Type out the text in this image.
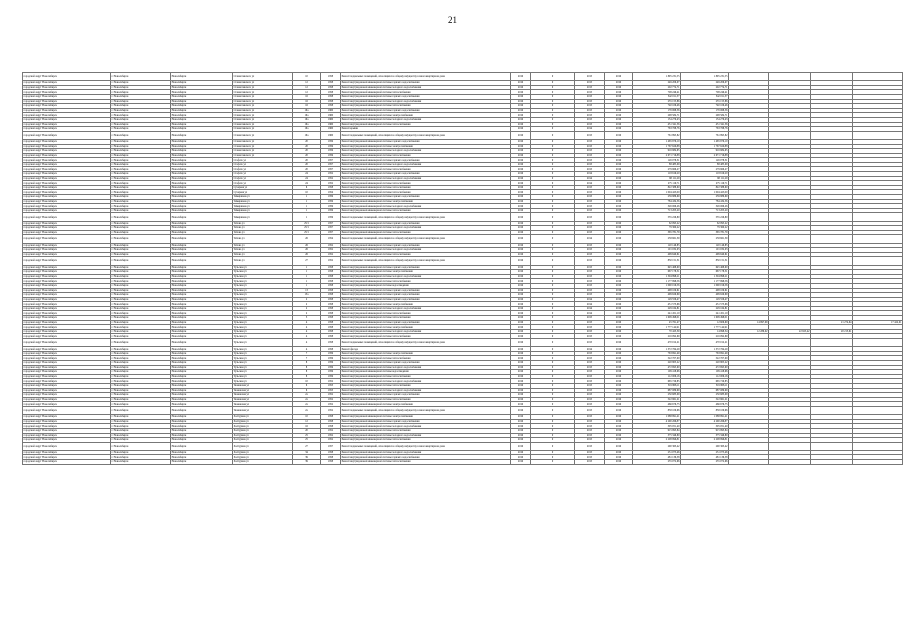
21
городской округ Новосибирск	г. Новосибирск	Новосибирск	Станиславского ул	10	1958	Ремонт подвальных помещений, относящихся к общему имуществу в многоквартирном доме	2016	0	2015	2016	1 895 231,55	1 895 231,55					
городской округ Новосибирск	г. Новосибирск	Новосибирск	Станиславского ул	12	1958	Ремонт внутридомовой инженерной системы горячего водоснабжения	2016	0	2015	2016	249 206,07	249 206,07					
городской округ Новосибирск	г. Новосибирск	Новосибирск	Станиславского ул	12	1958	Ремонт внутридомовой инженерной системы холодного водоснабжения	2016	0	2015	2016	202 774,71	202 774,71					
городской округ Новосибирск	г. Новосибирск	Новосибирск	Станиславского ул	12	1958	Ремонт внутридомовой инженерной системы теплоснабжения	2016	0	2015	2016	708 249,41	708 249,41					
городской округ Новосибирск	г. Новосибирск	Новосибирск	Станиславского ул	16	1958	Ремонт внутридомовой инженерной системы горячего водоснабжения	2016	0	2015	2016	342 011,37	342 011,37					
городской округ Новосибирск	г. Новосибирск	Новосибирск	Станиславского ул	16	1958	Ремонт внутридомовой инженерной системы холодного водоснабжения	2016	0	2015	2016	255 155,86	255 155,86					
городской округ Новосибирск	г. Новосибирск	Новосибирск	Станиславского ул	16	1958	Ремонт внутридомовой инженерной системы теплоснабжения	2016	0	2015	2016	740 106,46	740 106,46					
городской округ Новосибирск	г. Новосибирск	Новосибирск	Станиславского ул	16а	1960	Ремонт внутридомовой инженерной системы горячего водоснабжения	2016	0	2015	2016	176 068,56	176 068,56					
городской округ Новосибирск	г. Новосибирск	Новосибирск	Станиславского ул	16а	1960	Ремонт внутридомовой инженерной системы электроснабжения	2016	0	2015	2016	298 584,71	298 584,71					
городской округ Новосибирск	г. Новосибирск	Новосибирск	Станиславского ул	16а	1960	Ремонт внутридомовой инженерной системы холодного водоснабжения	2016	0	2015	2016	154 279,43	154 279,43					
городской округ Новосибирск	г. Новосибирск	Новосибирск	Станиславского ул	16а	1960	Ремонт внутридомовой инженерной системы теплоснабжения	2016	0	2015	2016	451 341,56	451 341,56					
городской округ Новосибирск	г. Новосибирск	Новосибирск	Станиславского ул	16а	1960	Ремонт крыши	2016	0	2014	2016	763 768,76	763 768,76					
городской округ Новосибирск	г. Новосибирск	Новосибирск	Станиславского ул	16а	1960	Ремонт подвальных помещений, относящихся к общему имуществу в многоквартирном доме	2016	0	2015	2016	761 895,82	761 895,82					
городской округ Новосибирск	г. Новосибирск	Новосибирск	Станиславского ул	20	1959	Ремонт внутридомовой инженерной системы горячего водоснабжения	2016	0	2015	2016	1 465 976,10	1 465 976,10					
городской округ Новосибирск	г. Новосибирск	Новосибирск	Станиславского ул	20	1959	Ремонт внутридомовой инженерной системы электроснабжения	2016	0	2015	2016	1 767 620,88	1 767 620,88					
городской округ Новосибирск	г. Новосибирск	Новосибирск	Станиславского ул	20	1959	Ремонт внутридомовой инженерной системы холодного водоснабжения	2016	0	2015	2016	916 984,65	916 984,65					
городской округ Новосибирск	г. Новосибирск	Новосибирск	Станиславского ул	20	1959	Ремонт внутридомовой инженерной системы теплоснабжения	2016	0	2015	2016	2 671 716,88	2 671 716,88					
городской округ Новосибирск	г. Новосибирск	Новосибирск	Стофато ул	20	1957	Ремонт внутридомовой инженерной системы горячего водоснабжения	2016	0	2015	2016	126 078,31	126 078,31					
городской округ Новосибирск	г. Новосибирск	Новосибирск	Стофато ул	20	1957	Ремонт внутридомовой инженерной системы холодного водоснабжения	2016	0	2015	2016	88 485,09	88 485,09					
городской округ Новосибирск	г. Новосибирск	Новосибирск	Стофато ул	20	1957	Ремонт внутридомовой инженерной системы теплоснабжения	2016	0	2015	2016	279 966,27	279 966,27					
городской округ Новосибирск	г. Новосибирск	Новосибирск	Стофато ул	24	1952	Ремонт внутридомовой инженерной системы горячего водоснабжения	2016	0	2014	2016	118 919,20	118 919,20					
городской округ Новосибирск	г. Новосибирск	Новосибирск	Стофато ул	24	1952	Ремонт внутридомовой инженерной системы холодного водоснабжения	2016	0	2014	2016	68 111,29	68 111,29					
городской округ Новосибирск	г. Новосибирск	Новосибирск	Стофато ул	24	1952	Ремонт внутридомовой инженерной системы теплоснабжения	2016	0	2014	2016	275 119,71	275 119,71					
городской округ Новосибирск	г. Новосибирск	Новосибирск	Сухарная ул	6	1958	Ремонт внутридомовой инженерной системы теплоснабжения	2016	0	2015	2016	822 388,60	822 388,60					
городской округ Новосибирск	г. Новосибирск	Новосибирск	Сухарная ул	10	1954	Ремонт внутридомовой инженерной системы теплоснабжения	2016	0	2015	2016	1 004 425,00	1 004 425,00					
городской округ Новосибирск	г. Новосибирск	Новосибирск	Тимирязева ул	1	1959	Ремонт внутридомовой инженерной системы горячего водоснабжения	2016	0	2015	2016	259 886,69	259 886,69					
городской округ Новосибирск	г. Новосибирск	Новосибирск	Тимирязева ул	1	1959	Ремонт внутридомовой инженерной системы электроснабжения	2016	0	2015	2016	784 434,56	784 434,56					
городской округ Новосибирск	г. Новосибирск	Новосибирск	Тимирязева ул	1	1959	Ремонт внутридомовой инженерной системы холодного водоснабжения	2016	0	2015	2016	326 066,26	326 066,26					
городской округ Новосибирск	г. Новосибирск	Новосибирск	Тимирязева ул	1	1959	Ремонт внутридомовой инженерной системы теплоснабжения	2016	0	2015	2016	713 203,20	713 203,20					
городской округ Новосибирск	г. Новосибирск	Новосибирск	Тимирязева ул	1	1959	Ремонт подвальных помещений, относящихся к общему имуществу в многоквартирном доме	2016	0	2015	2016	535 226,80	535 226,80					
городской округ Новосибирск	г. Новосибирск	Новосибирск	Титова ул	25/1	1957	Ремонт внутридомовой инженерной системы горячего водоснабжения	2016	0	2015	2016	62 095,22	62 095,22					
городской округ Новосибирск	г. Новосибирск	Новосибирск	Титова ул	25/1	1957	Ремонт внутридомовой инженерной системы холодного водоснабжения	2016	0	2015	2016	79 360,22	79 360,22					
городской округ Новосибирск	г. Новосибирск	Новосибирск	Титова ул	25/1	1957	Ремонт внутридомовой инженерной системы теплоснабжения	2016	0	2015	2016	365 781,79	365 781,79					
городской округ Новосибирск	г. Новосибирск	Новосибирск	Титова ул	26	1954	Ремонт подвальных помещений, относящихся к общему имуществу в многоквартирном доме	2016	0	2014	2016	258 661,39	258 661,39					
городской округ Новосибирск	г. Новосибирск	Новосибирск	Титова ул	26	1952	Ремонт внутридомовой инженерной системы горячего водоснабжения	2016	0	2015	2016	120 146,85	120 146,85					
городской округ Новосибирск	г. Новосибирск	Новосибирск	Титова ул	26	1952	Ремонт внутридомовой инженерной системы холодного водоснабжения	2016	0	2015	2016	101 032,03	101 032,03					
городской округ Новосибирск	г. Новосибирск	Новосибирск	Титова ул	26	1952	Ремонт внутридомовой инженерной системы теплоснабжения	2016	0	2015	2016	499 640,61	499 640,61					
городской округ Новосибирск	г. Новосибирск	Новосибирск	Титова ул	27	1952	Ремонт подвальных помещений, относящихся к общему имуществу в многоквартирном доме	2016	0	2015	2016	850 151,31	850 151,31					
городской округ Новосибирск	г. Новосибирск	Новосибирск	Тульская ул	1	1958	Ремонт внутридомовой инженерной системы горячего водоснабжения	2016	0	2015	2016	645 468,90	645 468,90					
городской округ Новосибирск	г. Новосибирск	Новосибирск	Тульская ул	1	1958	Ремонт внутридомовой инженерной системы электроснабжения	2016	0	2015	2016	667 178,51	667 178,51					
городской округ Новосибирск	г. Новосибирск	Новосибирск	Тульская ул	1	1958	Ремонт внутридомовой инженерной системы холодного водоснабжения	2016	0	2015	2016	1 304 898,21	1 304 898,21					
городской округ Новосибирск	г. Новосибирск	Новосибирск	Тульская ул	1	1958	Ремонт внутридомовой инженерной системы теплоснабжения	2016	0	2015	2016	1 177 998,56	1 177 998,56					
городской округ Новосибирск	г. Новосибирск	Новосибирск	Тульская ул	1	1958	Ремонт внутридомовой инженерной системы водоотведения	2016	0	2015	2016	1 090 016,56	1 090 016,56					
городской округ Новосибирск	г. Новосибирск	Новосибирск	Тульская ул	13	1958	Ремонт внутридомовой инженерной системы горячего водоснабжения	2016	0	2015	2016	498 109,61	498 109,61					
городской округ Новосибирск	г. Новосибирск	Новосибирск	Тульская ул	13а	1958	Ремонт внутридомовой инженерной системы горячего водоснабжения	2016	0	2015	2016	499 629,69	499 629,69					
городской округ Новосибирск	г. Новосибирск	Новосибирск	Тульская ул	2	1958	Ремонт внутридомовой инженерной системы горячего водоснабжения	2016	0	2014	2016	129 556,47	129 556,47					
городской округ Новосибирск	г. Новосибирск	Новосибирск	Тульская ул	2	1958	Ремонт внутридомовой инженерной системы электроснабжения	2016	0	2014	2016	451 573,66	451 573,66					
городской округ Новосибирск	г. Новосибирск	Новосибирск	Тульская ул	2	1958	Ремонт внутридомовой инженерной системы холодного водоснабжения	2016	0	2014	2016	229 164,81	229 164,81					
городской округ Новосибирск	г. Новосибирск	Новосибирск	Тульская ул	2	1958	Ремонт внутридомовой инженерной системы теплоснабжения	2016	0	2014	2016	241 451,10	241 451,10					
городской округ Новосибирск	г. Новосибирск	Новосибирск	Тульская ул	3	1958	Ремонт внутридомовой инженерной системы теплоснабжения	2016	0	2015	2016	1 609 498,01	1 609 498,01					
городской округ Новосибирск	г. Новосибирск	Новосибирск	Тульская ул	4	1958	Ремонт внутридомовой инженерной системы горячего водоснабжения	2016	0	2015	2016	45 761,47	12 606,60	14 997,09		21 274,64	17 422,01	
городской округ Новосибирск	г. Новосибирск	Новосибирск	Тульская ул	4	1958	Ремонт внутридомовой инженерной системы электроснабжения	2016	0	2015	2016	1 777 142,91	1 777 142,91					
городской округ Новосибирск	г. Новосибирск	Новосибирск	Тульская ул	4	1958	Ремонт внутридомовой инженерной системы холодного водоснабжения	2016	0	2015	2016	70 423,39	14 998,34	12 286,02	22 925,42	20 213,61		
городской округ Новосибирск	г. Новосибирск	Новосибирск	Тульская ул	4	1958	Ремонт внутридомовой инженерной системы теплоснабжения	2016	0	2015	2016	216 092,69	216 092,69					
городской округ Новосибирск	г. Новосибирск	Новосибирск	Тульская ул	4	1958	Ремонт подвальных помещений, относящихся к общему имуществу в многоквартирном доме	2016	0	2015	2016	470 012,21	470 012,21					
городской округ Новосибирск	г. Новосибирск	Новосибирск	Тульская ул	4	1958	Ремонт фасада	2016	0	2014	2016	1 372 764,29	1 372 764,29					
городской округ Новосибирск	г. Новосибирск	Новосибирск	Тульская ул	7	1959	Ремонт внутридомовой инженерной системы электроснабжения	2016	0	2015	2016	763 691,49	763 691,49					
городской округ Новосибирск	г. Новосибирск	Новосибирск	Тульская ул	7	1959	Ремонт внутридомовой инженерной системы теплоснабжения	2016	0	2015	2016	522 707,00	522 707,00					
городской округ Новосибирск	г. Новосибирск	Новосибирск	Тульская ул	8	1959	Ремонт внутридомовой инженерной системы горячего водоснабжения	2016	0	2015	2016	220 805,22	220 805,22					
городской округ Новосибирск	г. Новосибирск	Новосибирск	Тульская ул	8	1959	Ремонт внутридомовой инженерной системы холодного водоснабжения	2016	0	2015	2016	472 695,90	472 695,90					
городской округ Новосибирск	г. Новосибирск	Новосибирск	Тульская ул	8	1959	Ремонт внутридомовой инженерной системы водоотведения	2016	0	2015	2016	109 418,96	109 418,96					
городской округ Новосибирск	г. Новосибирск	Новосибирск	Тульская ул	8	1959	Ремонт внутридомовой инженерной системы теплоснабжения	2016	0	2015	2016	112 006,16	112 006,16					
городской округ Новосибирск	г. Новосибирск	Новосибирск	Тульская ул	10	1952	Ремонт внутридомовой инженерной системы холодного водоснабжения	2016	0	2015	2016	665 729,85	665 729,85					
городской округ Новосибирск	г. Новосибирск	Новосибирск	Тюменская ул	6	1953	Ремонт внутридомовой инженерной системы теплоснабжения	2016	0	2015	2016	319 868,11	319 868,11					
городской округ Новосибирск	г. Новосибирск	Новосибирск	Тюменская ул	6	1953	Ремонт внутридомовой инженерной системы холодного водоснабжения	2016	0	2015	2016	687 089,99	687 089,99					
городской округ Новосибирск	г. Новосибирск	Новосибирск	Тюменская ул	2а	1952	Ремонт внутридомовой инженерной системы горячего водоснабжения	2016	0	2015	2016	250 683,09	250 683,09					
городской округ Новосибирск	г. Новосибирск	Новосибирск	Тюменская ул	2а	1952	Ремонт внутридомовой инженерной системы теплоснабжения	2016	0	2015	2016	522 961,21	522 961,21					
городской округ Новосибирск	г. Новосибирск	Новосибирск	Тюменская ул	2а	1952	Ремонт внутридомовой инженерной системы электроснабжения	2016	0	2015	2016	466 676,75	466 676,75					
городской округ Новосибирск	г. Новосибирск	Новосибирск	Тюменская ул	2а	1952	Ремонт подвальных помещений, относящихся к общему имуществу в многоквартирном доме	2016	0	2015	2016	858 109,96	858 109,96					
городской округ Новосибирск	г. Новосибирск	Новосибирск	Халтурина ул	10	1958	Ремонт внутридомовой инженерной системы электроснабжения	2016	0	2015	2016	1 088 991,41	1 088 991,41					
городской округ Новосибирск	г. Новосибирск	Новосибирск	Халтурина ул	12	1958	Ремонт внутридомовой инженерной системы горячего водоснабжения	2016	0	2015	2016	4 290 266,87	4 290 266,87					
городской округ Новосибирск	г. Новосибирск	Новосибирск	Халтурина ул	16	1958	Ремонт внутридомовой инженерной системы холодного водоснабжения	2016	0	2015	2016	305 051,40	305 051,40					
городской округ Новосибирск	г. Новосибирск	Новосибирск	Халтурина ул	20	1952	Ремонт внутридомовой инженерной системы теплоснабжения	2016	0	2015	2016	915 993,84	915 993,84					
городской округ Новосибирск	г. Новосибирск	Новосибирск	Халтурина ул	25	1952	Ремонт внутридомовой инженерной системы холодного водоснабжения	2016	0	2015	2016	375 346,80	375 346,80					
городской округ Новосибирск	г. Новосибирск	Новосибирск	Халтурина ул	25	1952	Ремонт внутридомовой инженерной системы теплоснабжения	2016	0	2015	2016	2 208 996,81	2 208 996,81					
городской округ Новосибирск	г. Новосибирск	Новосибирск	Халтурина ул	27	1957	Ремонт подвальных помещений, относящихся к общему имуществу в многоквартирном доме	2016	0	2015	2016	290 363,42	290 363,42					
городской округ Новосибирск	г. Новосибирск	Новосибирск	Халтурина ул	34	1958	Ремонт внутридомовой инженерной системы холодного водоснабжения	2016	0	2015	2016	251 075,46	251 075,46					
городской округ Новосибирск	г. Новосибирск	Новосибирск	Халтурина ул	39	1958	Ремонт внутридомовой инженерной системы горячего водоснабжения	2016	0	2015	2016	481 136,58	481 136,58					
городской округ Новосибирск	г. Новосибирск	Новосибирск	Халтурина ул	39	1958	Ремонт внутридомовой инженерной системы теплоснабжения	2016	0	2015	2016	255 072,96	255 072,96					
